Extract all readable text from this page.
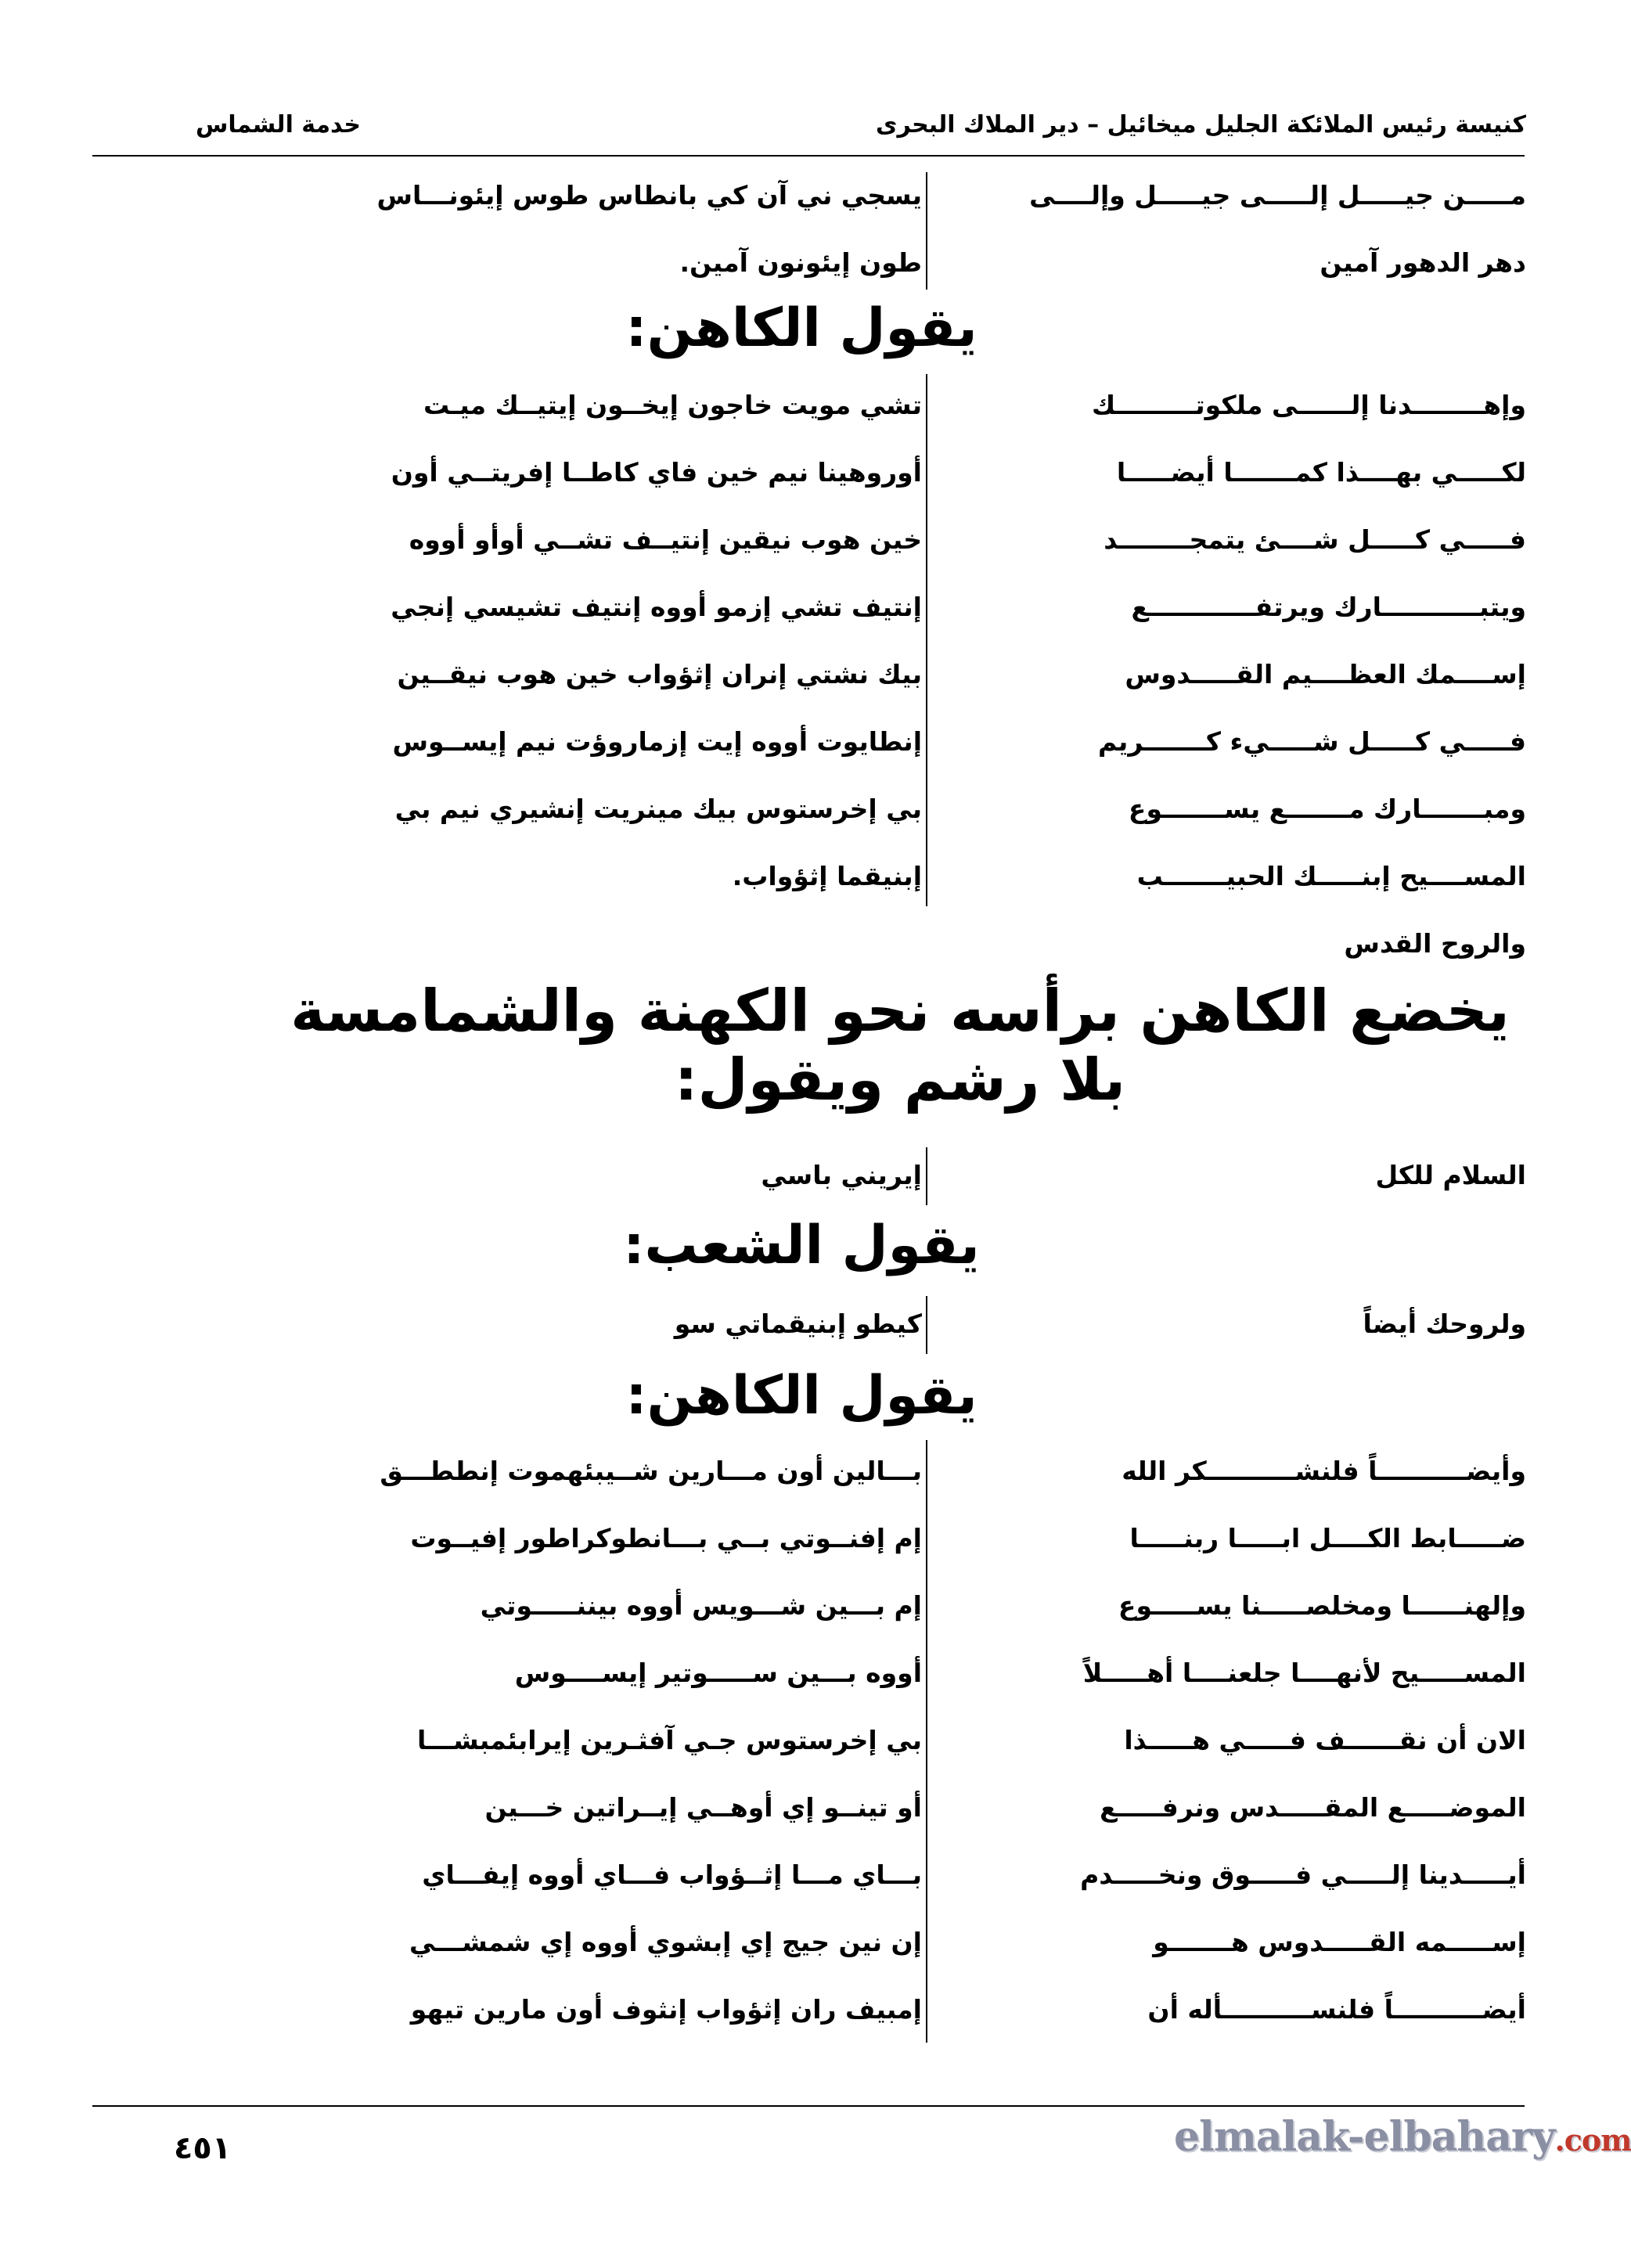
كنيسة رئيس الملائكة الجليل ميخائيل – دير الملاك البحرى
خدمة الشماس
مـــــن جيـــــل إلـــــى جيـــــل وإلــــى
يسجي ني آن كي بانطاس طوس إيئونـــاس
دهر الدهور آمين
طون إيئونون آمين.
يقول الكاهن:
وإهــــــــدنا إلــــــى ملكوتـــــــــك
تشي مويت خاجون إيخــون إيتيــك ميـت
لكـــــي بهــــذا كمـــــــا أيضـــــا
أوروهينا نيم خين فاي كاطــا إفريتــي أون
فـــــي كـــــل شــــئ يتمجــــــــد
خين هوب نيقين إنتيــف تشــي أوأو أووه
ويتبـــــــــــارك ويرتفــــــــــــع
إنتيف تشي إزمو أووه إنتيف تشيسي إنجي
إســــمك العظــــيم القـــــدوس
بيك نشتي إنران إثؤواب خين هوب نيقــين
فـــــي كـــــل شـــــيء كـــــــريم
إنطايوت أووه إيت إزماروؤت نيم إيســوس
ومبـــــــارك مـــــــع يســـــــوع
بي إخرستوس بيك مينريت إنشيري نيم بي
المســــيح إبنـــــك الحبيـــــــب
إبنيقما إثؤواب.
والروح القدس
يخضع الكاهن برأسه نحو الكهنة والشمامسة بلا رشم ويقول:
السلام للكل
إيريني باسي
يقول الشعب:
ولروحك أيضاً
كيطو إبنيقماتي سو
يقول الكاهن:
وأيضــــــــــاً فلنشــــــــــكر الله
بـــالين أون مـــارين شــيبئهموت إنططـــق
ضـــــابط الكــــل ابـــــا ربنـــــا
إم إفنــوتي بــي بـــانطوكراطور إفيــوت
وإلهنــــــا ومخلصـــــنا يســـــوع
إم بـــين شـــويس أووه بيننـــــوتي
المســـــيح لأنهــــا جلعنــــا أهـــــلاً
أووه بـــين ســـــوتير إيســــوس
الان أن نقــــــف فـــــي هـــــذا
بي إخرستوس جـي آفثـرين إيرابئمبشـــا
الموضـــــع المقـــــدس ونرفـــــع
أو تينــو إي أوهــي إيــراتين خـــين
أيـــــدينا إلـــــي فـــــوق ونخـــــدم
بـــاي مـــا إثــؤواب فـــاي أووه إيفـــاي
إســـــمه القـــــدوس هـــــــو
إن نين جيج إي إبشوي أووه إي شمشـــي
أيضــــــــــاً فلنســــــــــأله أن
إمبيف ران إثؤواب إنثوف أون مارين تيهو
٤٥١	elmalak-elbahary.com
